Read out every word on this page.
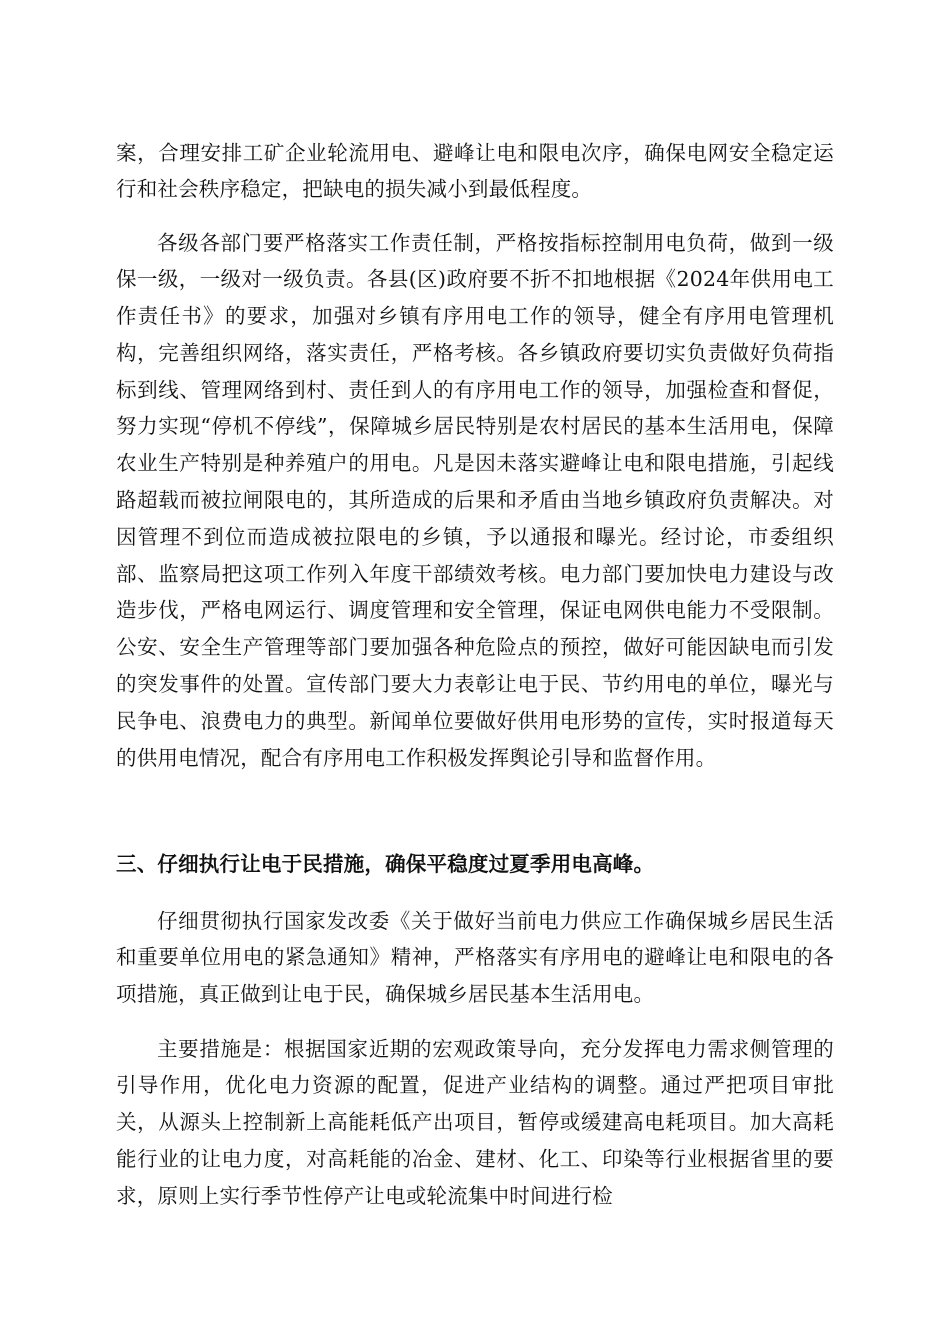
案，合理安排工矿企业轮流用电、避峰让电和限电次序，确保电网安全稳定运行和社会秩序稳定，把缺电的损失减小到最低程度。

各级各部门要严格落实工作责任制，严格按指标控制用电负荷，做到一级保一级，一级对一级负责。各县(区)政府要不折不扣地根据《2024年供用电工作责任书》的要求，加强对乡镇有序用电工作的领导，健全有序用电管理机构，完善组织网络，落实责任，严格考核。各乡镇政府要切实负责做好负荷指标到线、管理网络到村、责任到人的有序用电工作的领导，加强检查和督促，努力实现“停机不停线”，保障城乡居民特别是农村居民的基本生活用电，保障农业生产特别是种养殖户的用电。凡是因未落实避峰让电和限电措施，引起线路超载而被拉闸限电的，其所造成的后果和矛盾由当地乡镇政府负责解决。对因管理不到位而造成被拉限电的乡镇，予以通报和曝光。经讨论，市委组织部、监察局把这项工作列入年度干部绩效考核。电力部门要加快电力建设与改造步伐，严格电网运行、调度管理和安全管理，保证电网供电能力不受限制。公安、安全生产管理等部门要加强各种危险点的预控，做好可能因缺电而引发的突发事件的处置。宣传部门要大力表彰让电于民、节约用电的单位，曝光与民争电、浪费电力的典型。新闻单位要做好供用电形势的宣传，实时报道每天的供用电情况，配合有序用电工作积极发挥舆论引导和监督作用。

三、仔细执行让电于民措施，确保平稳度过夏季用电高峰。

仔细贯彻执行国家发改委《关于做好当前电力供应工作确保城乡居民生活和重要单位用电的紧急通知》精神，严格落实有序用电的避峰让电和限电的各项措施，真正做到让电于民，确保城乡居民基本生活用电。

主要措施是：根据国家近期的宏观政策导向，充分发挥电力需求侧管理的引导作用，优化电力资源的配置，促进产业结构的调整。通过严把项目审批关，从源头上控制新上高能耗低产出项目，暂停或缓建高电耗项目。加大高耗能行业的让电力度，对高耗能的冶金、建材、化工、印染等行业根据省里的要求，原则上实行季节性停产让电或轮流集中时间进行检
